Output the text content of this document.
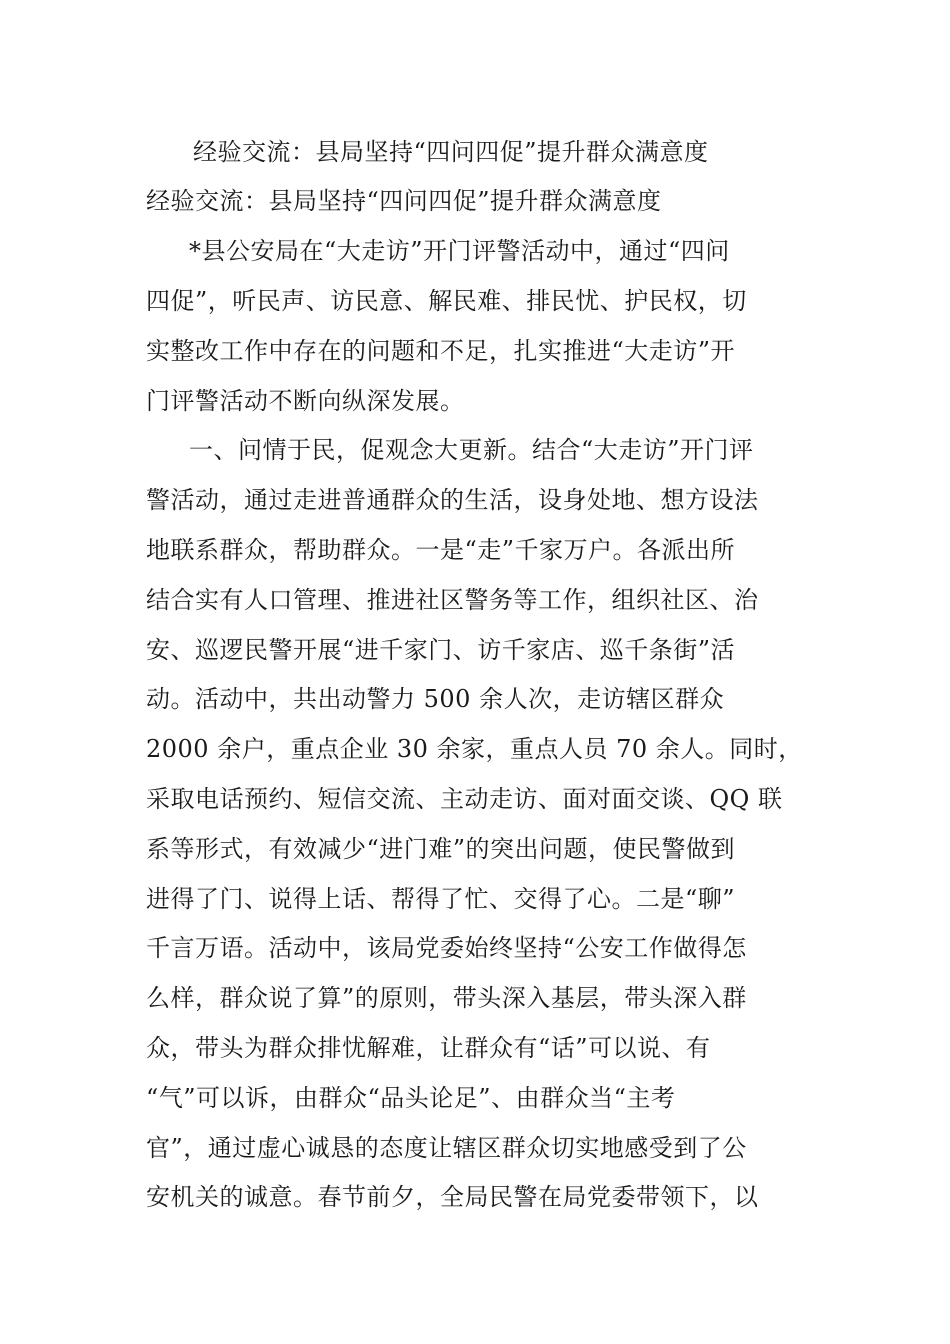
经验交流：县局坚持“四问四促”提升群众满意度
经验交流：县局坚持“四问四促”提升群众满意度
*县公安局在“大走访”开门评警活动中，通过“四问
四促”，听民声、访民意、解民难、排民忧、护民权，切
实整改工作中存在的问题和不足，扎实推进“大走访”开
门评警活动不断向纵深发展。
一、问情于民，促观念大更新。结合“大走访”开门评
警活动，通过走进普通群众的生活，设身处地、想方设法
地联系群众，帮助群众。一是“走”千家万户。各派出所
结合实有人口管理、推进社区警务等工作，组织社区、治
安、巡逻民警开展“进千家门、访千家店、巡千条街”活
动。活动中，共出动警力 500 余人次，走访辖区群众
2000 余户，重点企业 30 余家，重点人员 70 余人。同时，
采取电话预约、短信交流、主动走访、面对面交谈、QQ 联
系等形式，有效减少“进门难”的突出问题，使民警做到
进得了门、说得上话、帮得了忙、交得了心。二是“聊”
千言万语。活动中，该局党委始终坚持“公安工作做得怎
么样，群众说了算”的原则，带头深入基层，带头深入群
众，带头为群众排忧解难，让群众有“话”可以说、有
“气”可以诉，由群众“品头论足”、由群众当“主考
官”，通过虚心诚恳的态度让辖区群众切实地感受到了公
安机关的诚意。春节前夕，全局民警在局党委带领下，以
